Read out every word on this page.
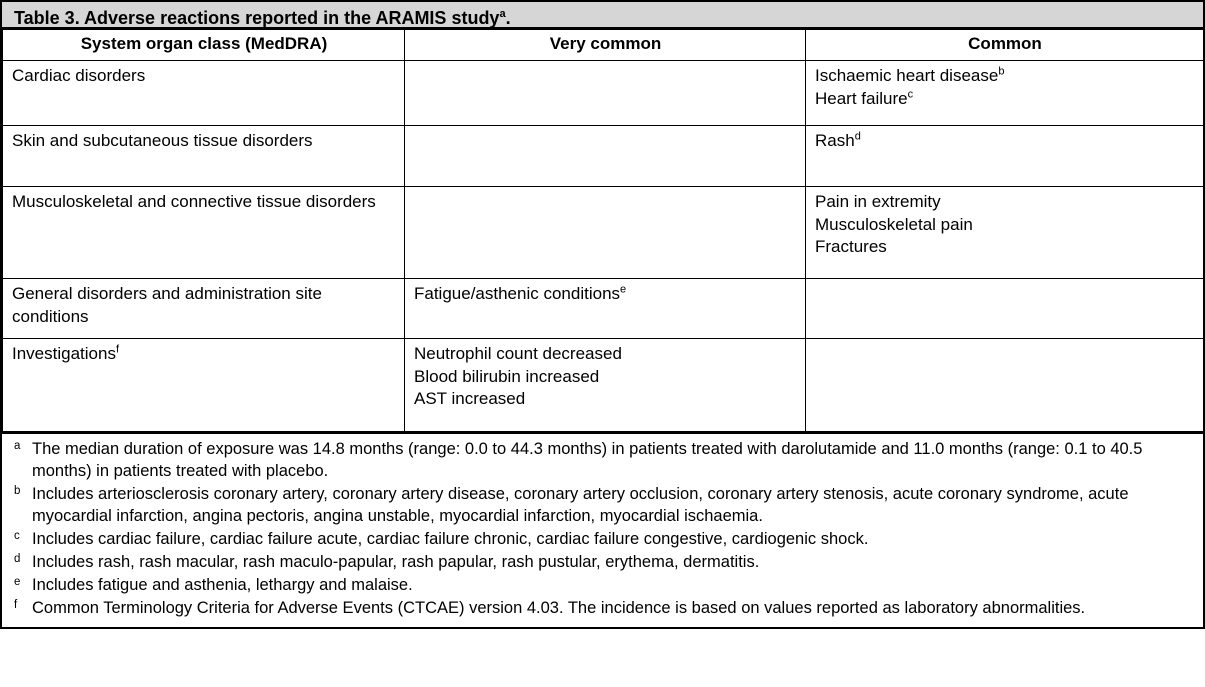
Table 3. Adverse reactions reported in the ARAMIS study$^a$.
System organ class (MedDRA)	Very common	Common
Cardiac disorders		Ischaemic heart disease$^b$
Heart failure$^c$

Skin and subcutaneous tissue disorders		Rash$^d$

Musculoskeletal and connective tissue disorders		Pain in extremity
Musculoskeletal pain
Fractures

General disorders and administration site conditions	Fatigue/asthenic conditions$^e$

Investigations$^f$	Neutrophil count decreased
Blood bilirubin increased
AST increased	

a The median duration of exposure was 14.8 months (range: 0.0 to 44.3 months) in patients treated with darolutamide and 11.0 months (range: 0.1 to 40.5 months) in patients treated with placebo.
b Includes arteriosclerosis coronary artery, coronary artery disease, coronary artery occlusion, coronary artery stenosis, acute coronary syndrome, acute myocardial infarction, angina pectoris, angina unstable, myocardial infarction, myocardial ischaemia.
c Includes cardiac failure, cardiac failure acute, cardiac failure chronic, cardiac failure congestive, cardiogenic shock.
d Includes rash, rash macular, rash maculo-papular, rash papular, rash pustular, erythema, dermatitis.
e Includes fatigue and asthenia, lethargy and malaise.
f Common Terminology Criteria for Adverse Events (CTCAE) version 4.03. The incidence is based on values reported as laboratory abnormalities.
